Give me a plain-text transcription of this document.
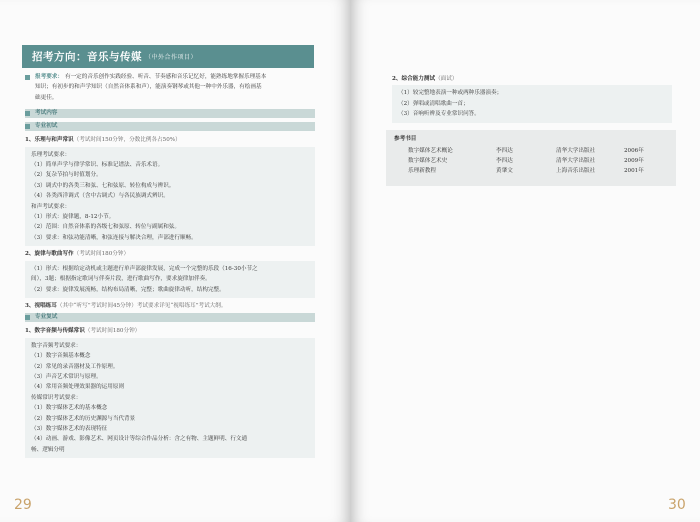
招考方向：音乐与传媒 （中外合作项目）
报考要求： 有一定的音乐创作实践经验、听音、节奏感和音乐记忆好，能熟练地掌握乐理基本
知识；有初步的和声学知识（自然音体系和声），能演奏钢琴或其他一种中外乐器，有绘画基
础更佳。
考试内容
专业初试
1、乐理与和声常识（考试时间150分钟，分数比例各占50%）
乐理考试要求：
（1）简单声学与律学常识、标准记谱法、音乐术语。
（2）复杂节拍与时值划分。
（3）调式中的各类三和弦、七和弦原、转位构成与辨识。
（4）各类西洋调式（含中古调式）与各民族调式辨识。
和声考试要求：
（1）形式：旋律题，8-12小节。
（2）范围：自然音体系的各级七和弦原、转位与副属和弦。
（3）要求：和弦功能清晰，和弦连接与解决合理，声部进行顺畅。
2、旋律与歌曲写作（考试时间180分钟）
（1）形式：根据给定动机或主题进行单声部旋律发展，完成一个完整的乐段（16-30小节之
间），3题；根据指定歌词与伴奏片段，进行歌曲写作，要求旋律加伴奏。
（2）要求：旋律发展流畅，结构布局清晰，完整；歌曲旋律动听，结构完整。
3、视唱练耳（其中“听写”考试时间45分钟）考试要求详见“视唱练耳”考试大纲。
专业复试
1、数字音频与传媒常识（考试时间180分钟）
数字音频考试要求：
（1）数字音频基本概念
（2）常见的录音器材及工作原理。
（3）声音艺术常识与原理。
（4）常用音频处理效果器的运用原则
传媒常识考试要求：
（1）数字媒体艺术的基本概念
（2）数字媒体艺术的历史渊源与当代背景
（3）数字媒体艺术的表现特征
（4）动画、游戏、影像艺术、网页设计等综合作品分析：含之有物、主题鲜明、行文通
畅、逻辑分明
29
2、综合能力测试（面试）
（1）较完整地表演一种或两种乐器演奏；
（2）弹唱或清唱歌曲一首；
（3）音响听辨及专业常识问答。
参考书目
数字媒体艺术概论	李四达	清华大学出版社	2006年
数字媒体艺术史	李四达	清华大学出版社	2009年
乐理新教程	黄肇文	上海音乐出版社	2001年
30
